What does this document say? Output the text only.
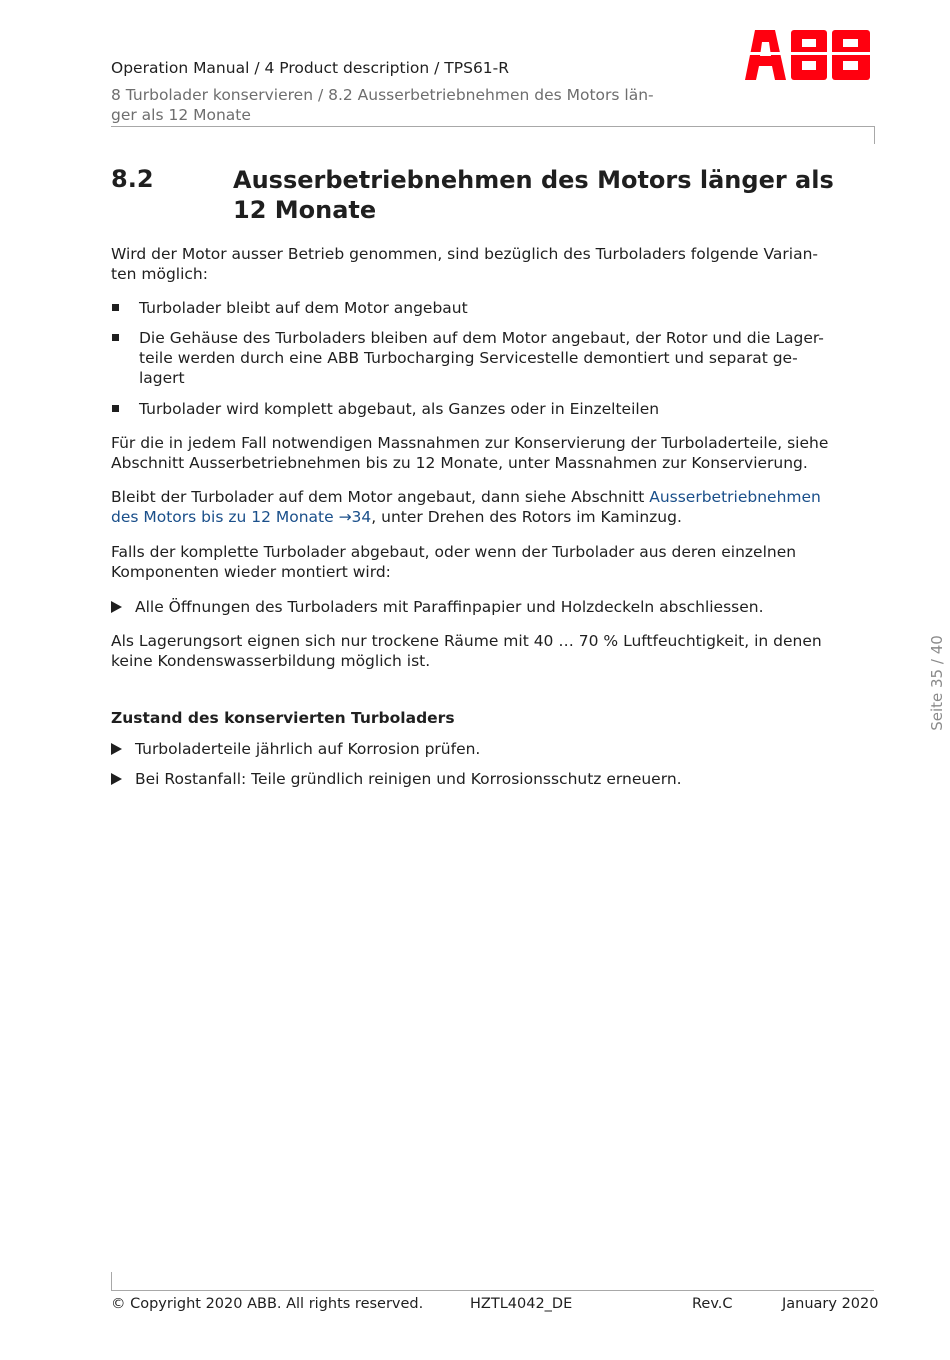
Operation Manual / 4 Product description / TPS61-R
8 Turbolader konservieren / 8.2 Ausserbetriebnehmen des Motors län-
ger als 12 Monate
ABB
8.2	Ausserbetriebnehmen des Motors länger als
12 Monate
Wird der Motor ausser Betrieb genommen, sind bezüglich des Turboladers folgende Varian-
ten möglich:
Turbolader bleibt auf dem Motor angebaut
Die Gehäuse des Turboladers bleiben auf dem Motor angebaut, der Rotor und die Lager-
teile werden durch eine ABB Turbocharging Servicestelle demontiert und separat ge-
lagert
Turbolader wird komplett abgebaut, als Ganzes oder in Einzelteilen
Für die in jedem Fall notwendigen Massnahmen zur Konservierung der Turboladerteile, siehe
Abschnitt Ausserbetriebnehmen bis zu 12 Monate, unter Massnahmen zur Konservierung.
Bleibt der Turbolader auf dem Motor angebaut, dann siehe Abschnitt Ausserbetriebnehmen
des Motors bis zu 12 Monate →34, unter Drehen des Rotors im Kaminzug.
Falls der komplette Turbolader abgebaut, oder wenn der Turbolader aus deren einzelnen
Komponenten wieder montiert wird:
Alle Öffnungen des Turboladers mit Paraffinpapier und Holzdeckeln abschliessen.
Als Lagerungsort eignen sich nur trockene Räume mit 40 … 70 % Luftfeuchtigkeit, in denen
keine Kondenswasserbildung möglich ist.
Zustand des konservierten Turboladers
Turboladerteile jährlich auf Korrosion prüfen.
Bei Rostanfall: Teile gründlich reinigen und Korrosionsschutz erneuern.
Seite 35 / 40
© Copyright 2020 ABB. All rights reserved.	HZTL4042_DE	Rev.C	January 2020
